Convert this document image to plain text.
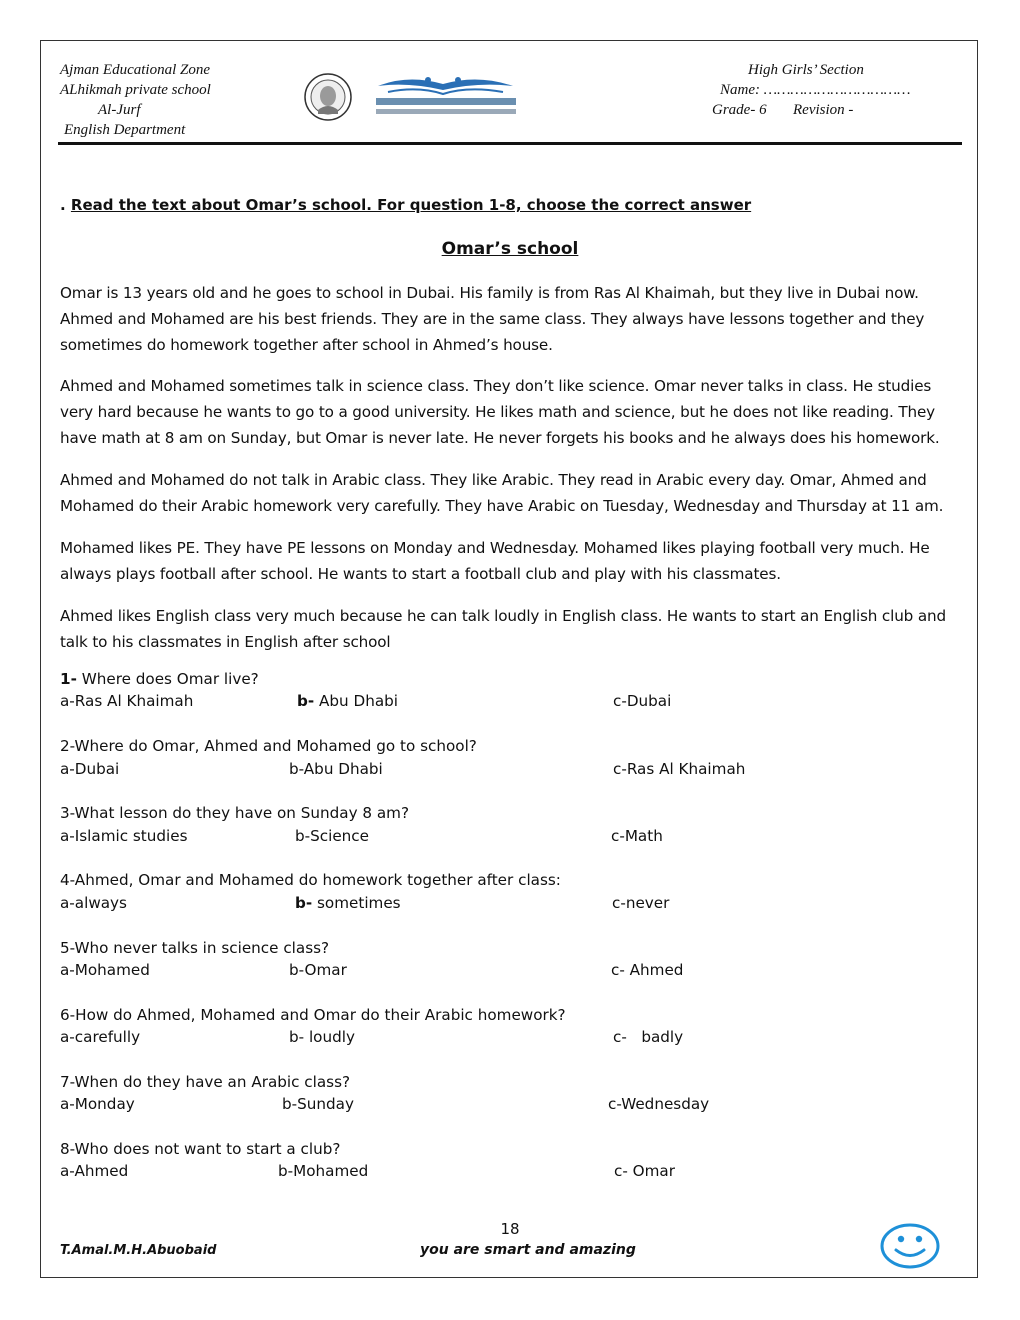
Ajman Educational Zone
ALhikmah private school
Al-Jurf
English Department
High Girls’ Section
Name: ……………………………
Grade- 6 Revision -
. Read the text about Omar’s school. For question 1-8, choose the correct answer
Omar’s school
Omar is 13 years old and he goes to school in Dubai. His family is from Ras Al Khaimah, but they live in Dubai now. Ahmed and Mohamed are his best friends. They are in the same class. They always have lessons together and they sometimes do homework together after school in Ahmed’s house.
Ahmed and Mohamed sometimes talk in science class. They don’t like science. Omar never talks in class. He studies very hard because he wants to go to a good university. He likes math and science, but he does not like reading. They have math at 8 am on Sunday, but Omar is never late. He never forgets his books and he always does his homework.
Ahmed and Mohamed do not talk in Arabic class. They like Arabic. They read in Arabic every day. Omar, Ahmed and Mohamed do their Arabic homework very carefully. They have Arabic on Tuesday, Wednesday and Thursday at 11 am.
Mohamed likes PE. They have PE lessons on Monday and Wednesday. Mohamed likes playing football very much. He always plays football after school. He wants to start a football club and play with his classmates.
Ahmed likes English class very much because he can talk loudly in English class. He wants to start an English club and talk to his classmates in English after school
1- Where does Omar live?
a-Ras Al Khaimah	b- Abu Dhabi	c-Dubai
2-Where do Omar, Ahmed and Mohamed go to school?
a-Dubai	b-Abu Dhabi	c-Ras Al Khaimah
3-What lesson do they have on Sunday 8 am?
a-Islamic studies	b-Science	c-Math
4-Ahmed, Omar and Mohamed do homework together after class:
a-always	b- sometimes	c-never
5-Who never talks in science class?
a-Mohamed	b-Omar	c- Ahmed
6-How do Ahmed, Mohamed and Omar do their Arabic homework?
a-carefully	b- loudly	c-   badly
7-When do they have an Arabic class?
a-Monday	b-Sunday	c-Wednesday
8-Who does not want to start a club?
a-Ahmed	b-Mohamed	c- Omar
18
T.Amal.M.H.Abuobaid	you are smart and amazing
